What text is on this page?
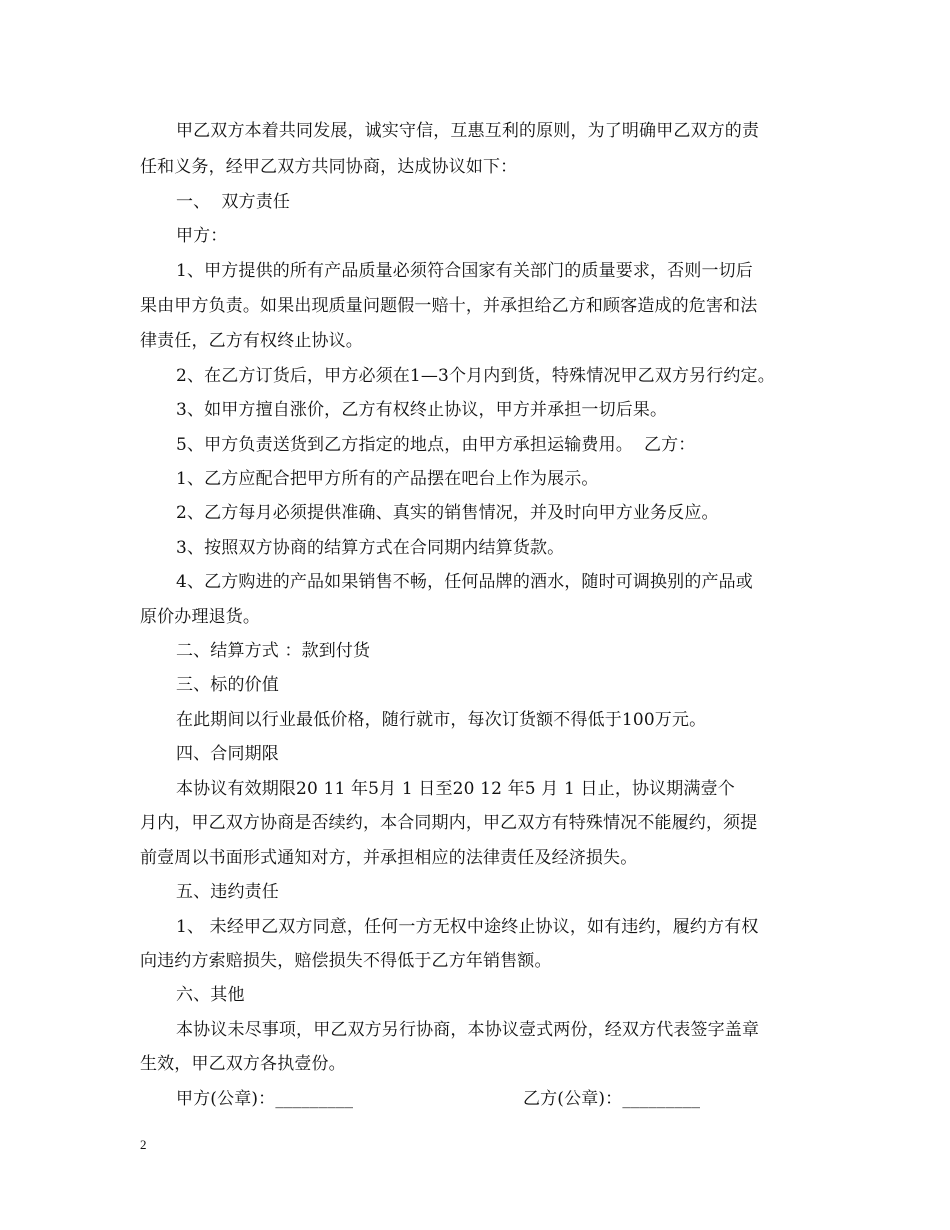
甲乙双方本着共同发展，诚实守信，互惠互利的原则，为了明确甲乙双方的责
任和义务，经甲乙双方共同协商，达成协议如下：
一、  双方责任
甲方：
1、甲方提供的所有产品质量必须符合国家有关部门的质量要求，否则一切后
果由甲方负责。如果出现质量问题假一赔十，并承担给乙方和顾客造成的危害和法
律责任，乙方有权终止协议。
2、在乙方订货后，甲方必须在1—3个月内到货，特殊情况甲乙双方另行约定。
3、如甲方擅自涨价，乙方有权终止协议，甲方并承担一切后果。
5、甲方负责送货到乙方指定的地点，由甲方承担运输费用。  乙方：
1、乙方应配合把甲方所有的产品摆在吧台上作为展示。
2、乙方每月必须提供准确、真实的销售情况，并及时向甲方业务反应。
3、按照双方协商的结算方式在合同期内结算货款。
4、乙方购进的产品如果销售不畅，任何品牌的酒水，随时可调换别的产品或
原价办理退货。
二、结算方式 ：款到付货
三、标的价值
在此期间以行业最低价格，随行就市，每次订货额不得低于100万元。
四、合同期限
本协议有效期限20 11 年5月 1 日至20 12 年5 月 1 日止，协议期满壹个
月内，甲乙双方协商是否续约，本合同期内，甲乙双方有特殊情况不能履约，须提
前壹周以书面形式通知对方，并承担相应的法律责任及经济损失。
五、违约责任
1、 未经甲乙双方同意，任何一方无权中途终止协议，如有违约，履约方有权
向违约方索赔损失，赔偿损失不得低于乙方年销售额。
六、其他
本协议未尽事项，甲乙双方另行协商，本协议壹式两份，经双方代表签字盖章
生效，甲乙双方各执壹份。
甲方(公章)：_________	乙方(公章)：_________
2
